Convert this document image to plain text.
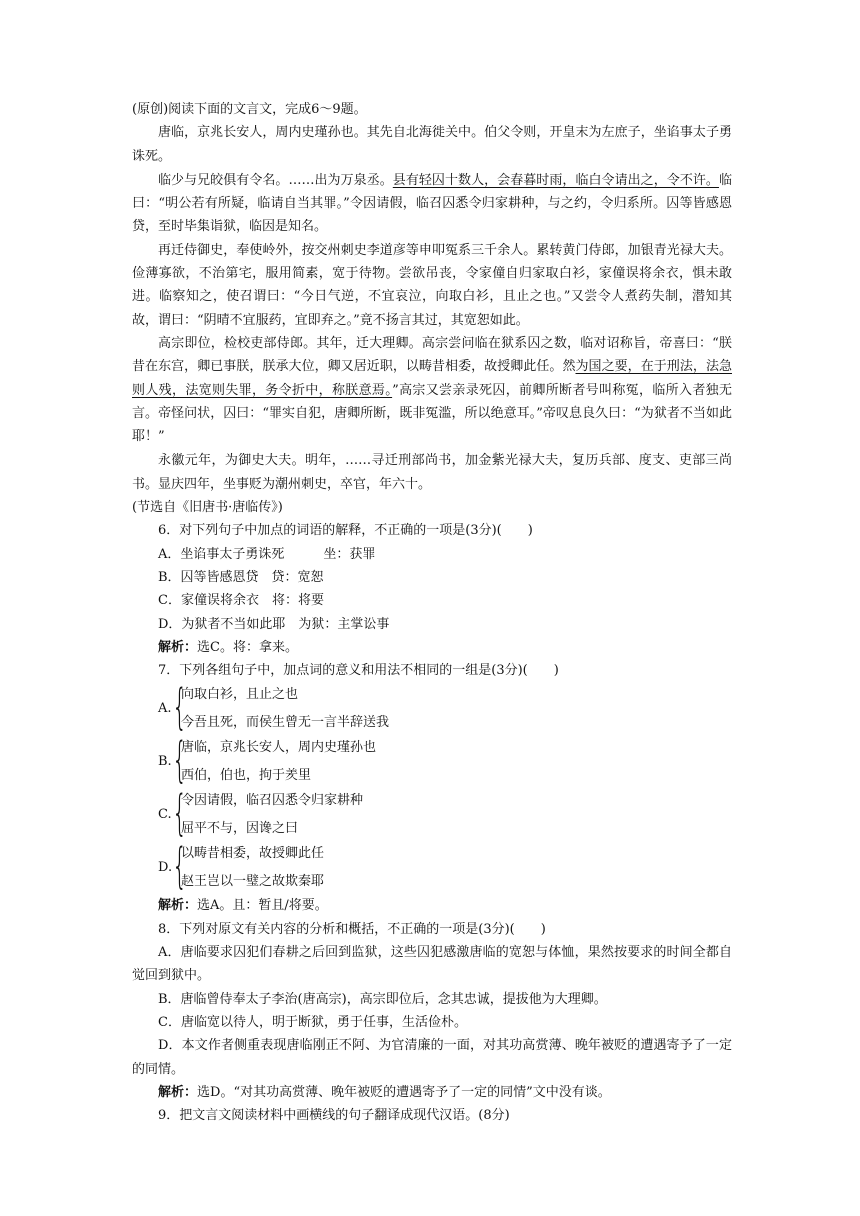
(原创)阅读下面的文言文，完成6～9题。

唐临，京兆长安人，周内史瑾孙也。其先自北海徙关中。伯父令则，开皇末为左庶子，坐谄事太子勇诛死。

临少与兄皎俱有令名。……出为万泉丞。县有轻囚十数人，会春暮时雨，临白令请出之，令不许。临曰：“明公若有所疑，临请自当其罪。”令因请假，临召囚悉令归家耕种，与之约，令归系所。囚等皆感恩贷，至时毕集诣狱，临因是知名。

再迁侍御史，奉使岭外，按交州刺史李道彦等申叩冤系三千余人。累转黄门侍郎，加银青光禄大夫。俭薄寡欲，不治第宅，服用简素，宽于待物。尝欲吊丧，令家僮自归家取白衫，家僮误将余衣，惧未敢进。临察知之，使召谓曰：“今日气逆，不宜哀泣，向取白衫，且止之也。”又尝令人煮药失制，潜知其故，谓曰：“阴晴不宜服药，宜即弃之。”竟不扬言其过，其宽恕如此。

高宗即位，检校吏部侍郎。其年，迁大理卿。高宗尝问临在狱系囚之数，临对诏称旨，帝喜曰：“朕昔在东宫，卿已事朕，朕承大位，卿又居近职，以畴昔相委，故授卿此任。然为国之要，在于刑法，法急则人残，法宽则失罪，务令折中，称朕意焉。”高宗又尝亲录死囚，前卿所断者号叫称冤，临所入者独无言。帝怪问状，囚曰：“罪实自犯，唐卿所断，既非冤滥，所以绝意耳。”帝叹息良久曰：“为狱者不当如此耶！”

永徽元年，为御史大夫。明年，……寻迁刑部尚书，加金紫光禄大夫，复历兵部、度支、吏部三尚书。显庆四年，坐事贬为潮州刺史，卒官，年六十。

(节选自《旧唐书·唐临传》)

6．对下列句子中加点的词语的解释，不正确的一项是(3分)(　　)

A．坐谄事太子勇诛死　　　坐：获罪

B．囚等皆感恩贷　贷：宽恕

C．家僮误将余衣　将：将要

D．为狱者不当如此耶　为狱：主掌讼事

解析：选C。将：拿来。

7．下列各组句子中，加点词的意义和用法不相同的一组是(3分)(　　)

A. {
向取白衫，且止之也
今吾且死，而侯生曾无一言半辞送我
B. {
唐临，京兆长安人，周内史瑾孙也
西伯，伯也，拘于羑里
C. {
令因请假，临召囚悉令归家耕种
屈平不与，因谗之曰
D. {
以畴昔相委，故授卿此任
赵王岂以一璧之故欺秦耶

解析：选A。且：暂且/将要。

8．下列对原文有关内容的分析和概括，不正确的一项是(3分)(　　)

A．唐临要求囚犯们春耕之后回到监狱，这些囚犯感激唐临的宽恕与体恤，果然按要求的时间全都自觉回到狱中。

B．唐临曾侍奉太子李治(唐高宗)，高宗即位后，念其忠诚，提拔他为大理卿。

C．唐临宽以待人，明于断狱，勇于任事，生活俭朴。

D．本文作者侧重表现唐临刚正不阿、为官清廉的一面，对其功高赏薄、晚年被贬的遭遇寄予了一定的同情。

解析：选D。“对其功高赏薄、晚年被贬的遭遇寄予了一定的同情”文中没有谈。

9．把文言文阅读材料中画横线的句子翻译成现代汉语。(8分)
